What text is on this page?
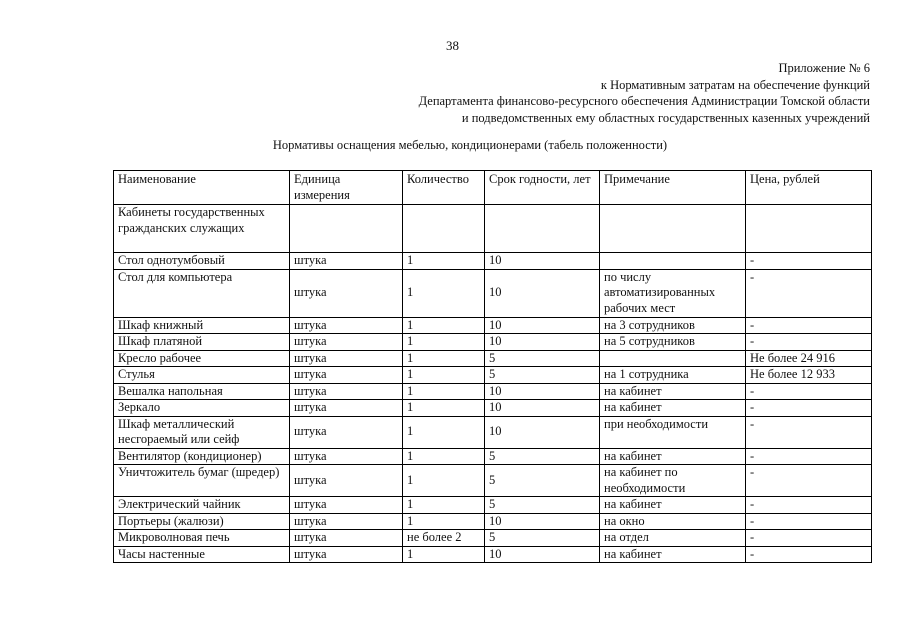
38
Приложение № 6
к Нормативным затратам на обеспечение функций
Департамента финансово-ресурсного обеспечения Администрации Томской области
и подведомственных ему областных государственных казенных учреждений
Нормативы оснащения мебелью, кондиционерами (табель положенности)
Наименование	Единица измерения	Количество	Срок годности, лет	Примечание	Цена, рублей
Кабинеты государственных гражданских служащих					
Стол однотумбовый	штука	1	10		-
Стол для компьютера	штука	1	10	по числу автоматизированных рабочих мест	-
Шкаф книжный	штука	1	10	на 3 сотрудников	-
Шкаф платяной	штука	1	10	на 5 сотрудников	-
Кресло рабочее	штука	1	5		Не более 24 916
Стулья	штука	1	5	на 1 сотрудника	Не более 12 933
Вешалка напольная	штука	1	10	на кабинет	-
Зеркало	штука	1	10	на кабинет	-
Шкаф металлический несгораемый или сейф	штука	1	10	при необходимости	-
Вентилятор (кондиционер)	штука	1	5	на кабинет	-
Уничтожитель бумаг (шредер)	штука	1	5	на кабинет по необходимости	-
Электрический чайник	штука	1	5	на кабинет	-
Портьеры (жалюзи)	штука	1	10	на окно	-
Микроволновая печь	штука	не более 2	5	на отдел	-
Часы настенные	штука	1	10	на кабинет	-
